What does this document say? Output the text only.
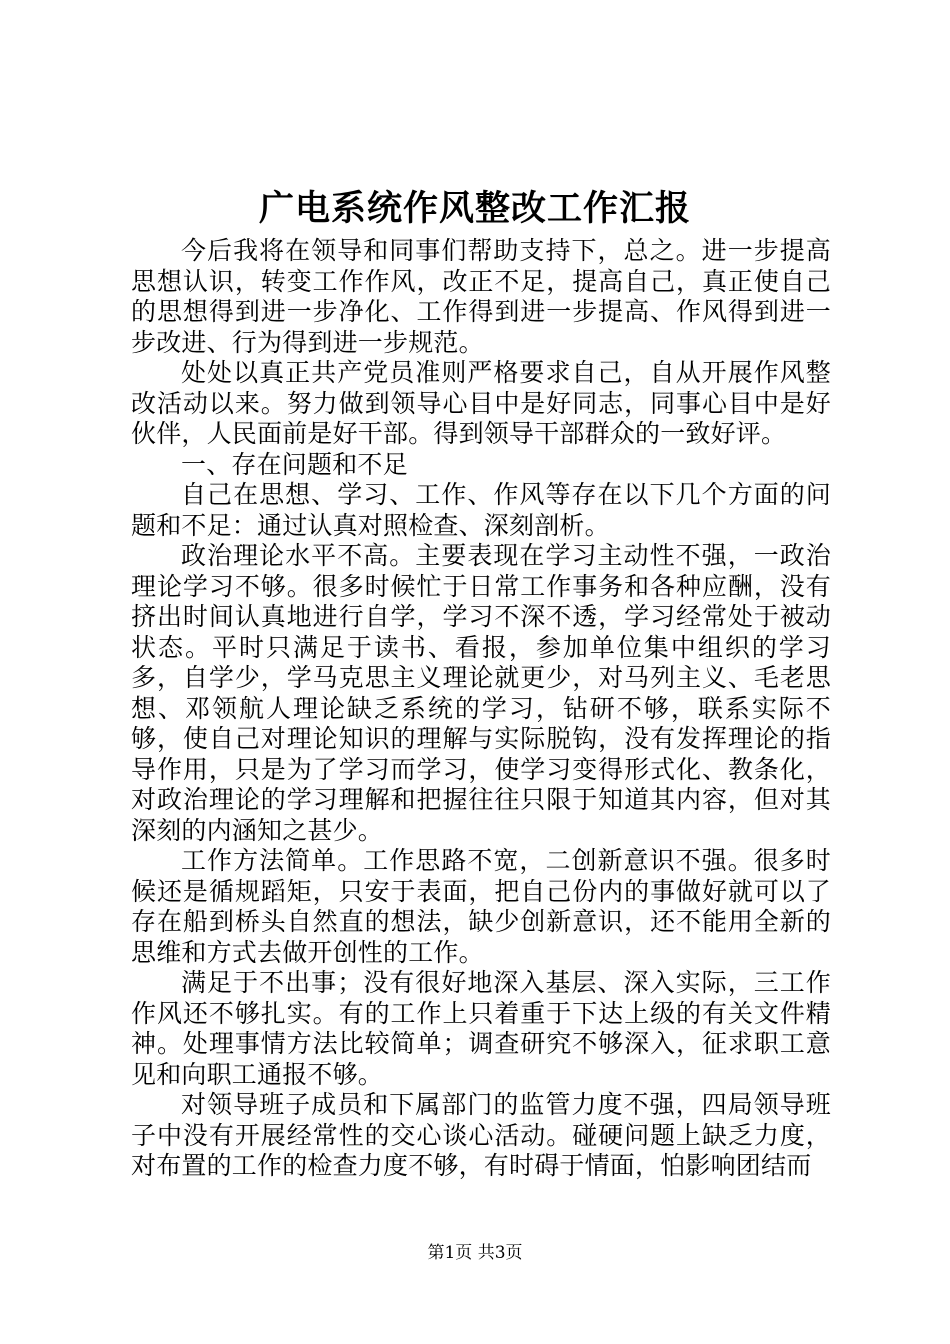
广电系统作风整改工作汇报

今后我将在领导和同事们帮助支持下，总之。进一步提高思想认识，转变工作作风，改正不足，提高自己，真正使自己的思想得到进一步净化、工作得到进一步提高、作风得到进一步改进、行为得到进一步规范。

处处以真正共产党员准则严格要求自己，自从开展作风整改活动以来。努力做到领导心目中是好同志，同事心目中是好伙伴，人民面前是好干部。得到领导干部群众的一致好评。

一、存在问题和不足

自己在思想、学习、工作、作风等存在以下几个方面的问题和不足：通过认真对照检查、深刻剖析。

政治理论水平不高。主要表现在学习主动性不强，一政治理论学习不够。很多时候忙于日常工作事务和各种应酬，没有挤出时间认真地进行自学，学习不深不透，学习经常处于被动状态。平时只满足于读书、看报，参加单位集中组织的学习多，自学少，学马克思主义理论就更少，对马列主义、毛老思想、邓领航人理论缺乏系统的学习，钻研不够，联系实际不够，使自己对理论知识的理解与实际脱钩，没有发挥理论的指导作用，只是为了学习而学习，使学习变得形式化、教条化，对政治理论的学习理解和把握往往只限于知道其内容，但对其深刻的内涵知之甚少。

工作方法简单。工作思路不宽，二创新意识不强。很多时候还是循规蹈矩，只安于表面，把自己份内的事做好就可以了存在船到桥头自然直的想法，缺少创新意识，还不能用全新的思维和方式去做开创性的工作。

满足于不出事；没有很好地深入基层、深入实际，三工作作风还不够扎实。有的工作上只着重于下达上级的有关文件精神。处理事情方法比较简单；调查研究不够深入，征求职工意见和向职工通报不够。

对领导班子成员和下属部门的监管力度不强，四局领导班子中没有开展经常性的交心谈心活动。碰硬问题上缺乏力度，对布置的工作的检查力度不够，有时碍于情面，怕影响团结而

第1页 共3页
